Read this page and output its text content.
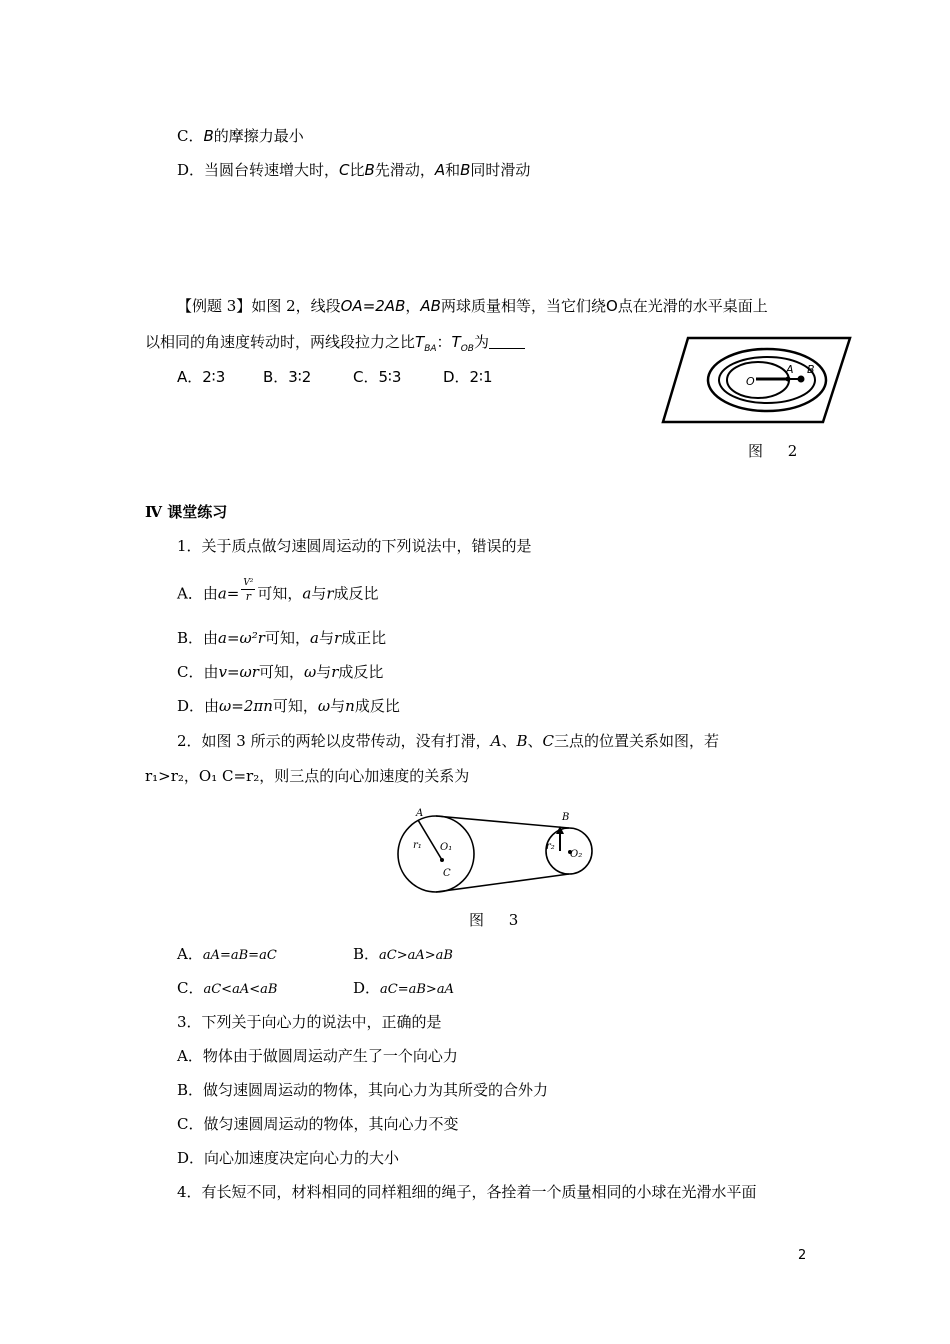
C．B的摩擦力最小
D．当圆台转速增大时，C比B先滑动，A和B同时滑动
【例题 3】如图 2，线段OA=2AB，AB两球质量相等，当它们绕O点在光滑的水平桌面上
以相同的角速度转动时，两线段拉力之比$T_{BA}$：$T_{OB}$为
A．2∶3	B．3∶2	C．5∶3	D．2∶1	O
A B
图 2
Ⅳ 课堂练习
1．关于质点做匀速圆周运动的下列说法中，错误的是
A．由$a= \frac{\text{V²}}{r}$ 可知，a与r成反比
B．由a=ω²r可知，a与r成正比
C．由v=ωr可知，ω与r成反比
D．由ω=2πn可知，ω与n成反比
2．如图 3 所示的两轮以皮带传动，没有打滑，A、B、C三点的位置关系如图，若
r₁>r₂，O₁ C=r₂，则三点的向心加速度的关系为
A	B
C
r₁	r₂
O₁
O₂
图 3
A．aA=aB=aC	B．aC>aA>aB
C．aC<aA<aB	D．aC=aB>aA
3．下列关于向心力的说法中，正确的是
A．物体由于做圆周运动产生了一个向心力
B．做匀速圆周运动的物体，其向心力为其所受的合外力
C．做匀速圆周运动的物体，其向心力不变
D．向心加速度决定向心力的大小
4．有长短不同，材料相同的同样粗细的绳子，各拴着一个质量相同的小球在光滑水平面
2
